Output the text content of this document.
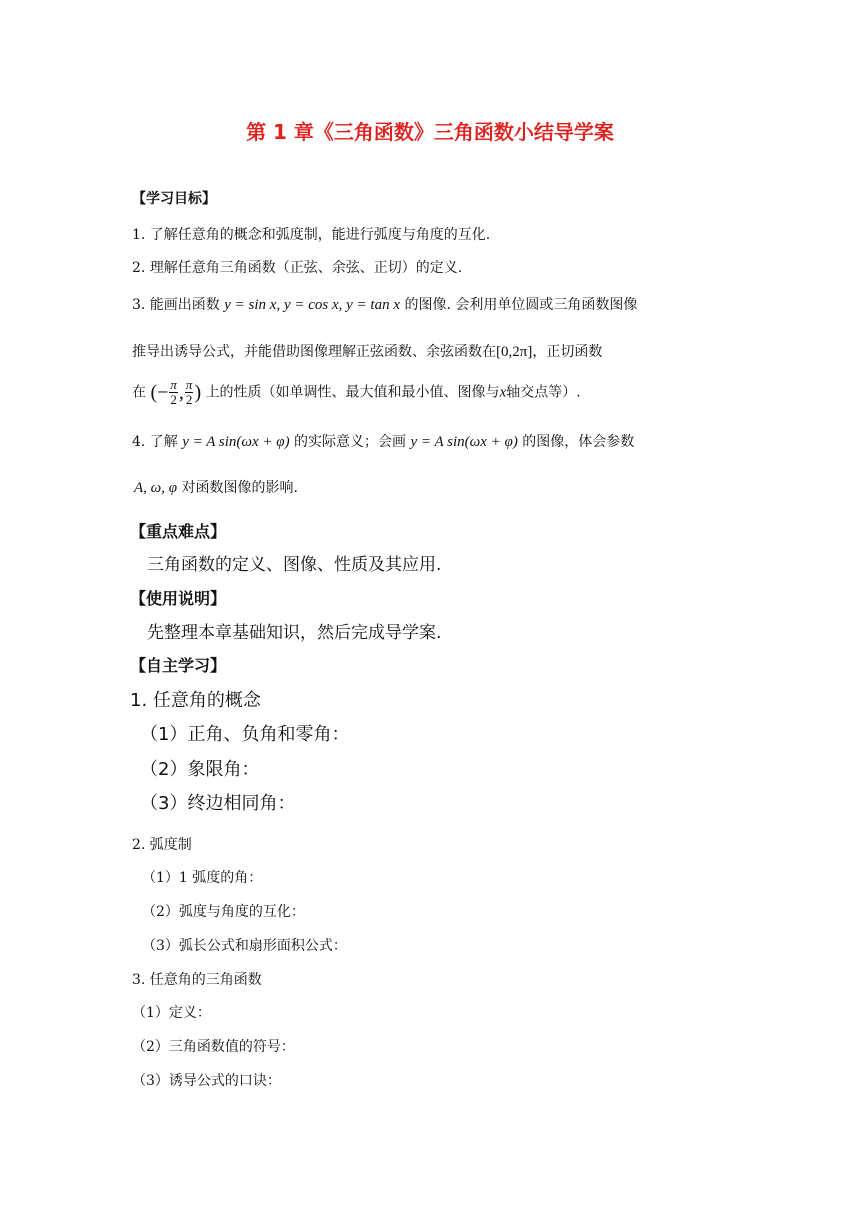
第 1 章《三角函数》三角函数小结导学案
【学习目标】
1. 了解任意角的概念和弧度制，能进行弧度与角度的互化.
2. 理解任意角三角函数（正弦、余弦、正切）的定义.
3. 能画出函数 y = sin x, y = cos x, y = tan x 的图像. 会利用单位圆或三角函数图像
推导出诱导公式，并能借助图像理解正弦函数、余弦函数在[0,2π]，正切函数
在 (− $\frac{\pi}{2}$ , $\frac{\pi}{2}$ ) 上的性质（如单调性、最大值和最小值、图像与x轴交点等）.
4. 了解 y = A sin(ωx + φ) 的实际意义；会画 y = A sin(ωx + φ) 的图像，体会参数
A, ω, φ 对函数图像的影响.
【重点难点】
三角函数的定义、图像、性质及其应用.
【使用说明】
先整理本章基础知识，然后完成导学案.
【自主学习】
1. 任意角的概念
（1）正角、负角和零角：
（2）象限角：
（3）终边相同角：
2. 弧度制
（1）1 弧度的角：
（2）弧度与角度的互化：
（3）弧长公式和扇形面积公式：
3. 任意角的三角函数
（1）定义：
（2）三角函数值的符号：
（3）诱导公式的口诀：
